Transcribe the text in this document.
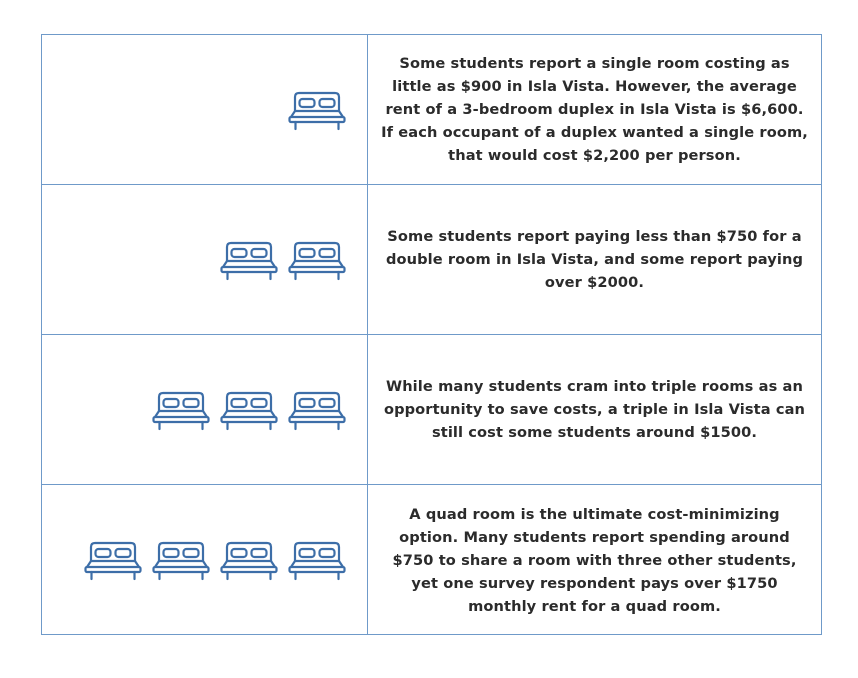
Some students report a single room costing as little as $900 in Isla Vista. However, the average rent of a 3-bedroom duplex in Isla Vista is $6,600. If each occupant of a duplex wanted a single room, that would cost $2,200 per person.

Some students report paying less than $750 for a double room in Isla Vista, and some report paying over $2000.

While many students cram into triple rooms as an opportunity to save costs, a triple in Isla Vista can still cost some students around $1500.

A quad room is the ultimate cost-minimizing option. Many students report spending around $750 to share a room with three other students, yet one survey respondent pays over $1750 monthly rent for a quad room.
